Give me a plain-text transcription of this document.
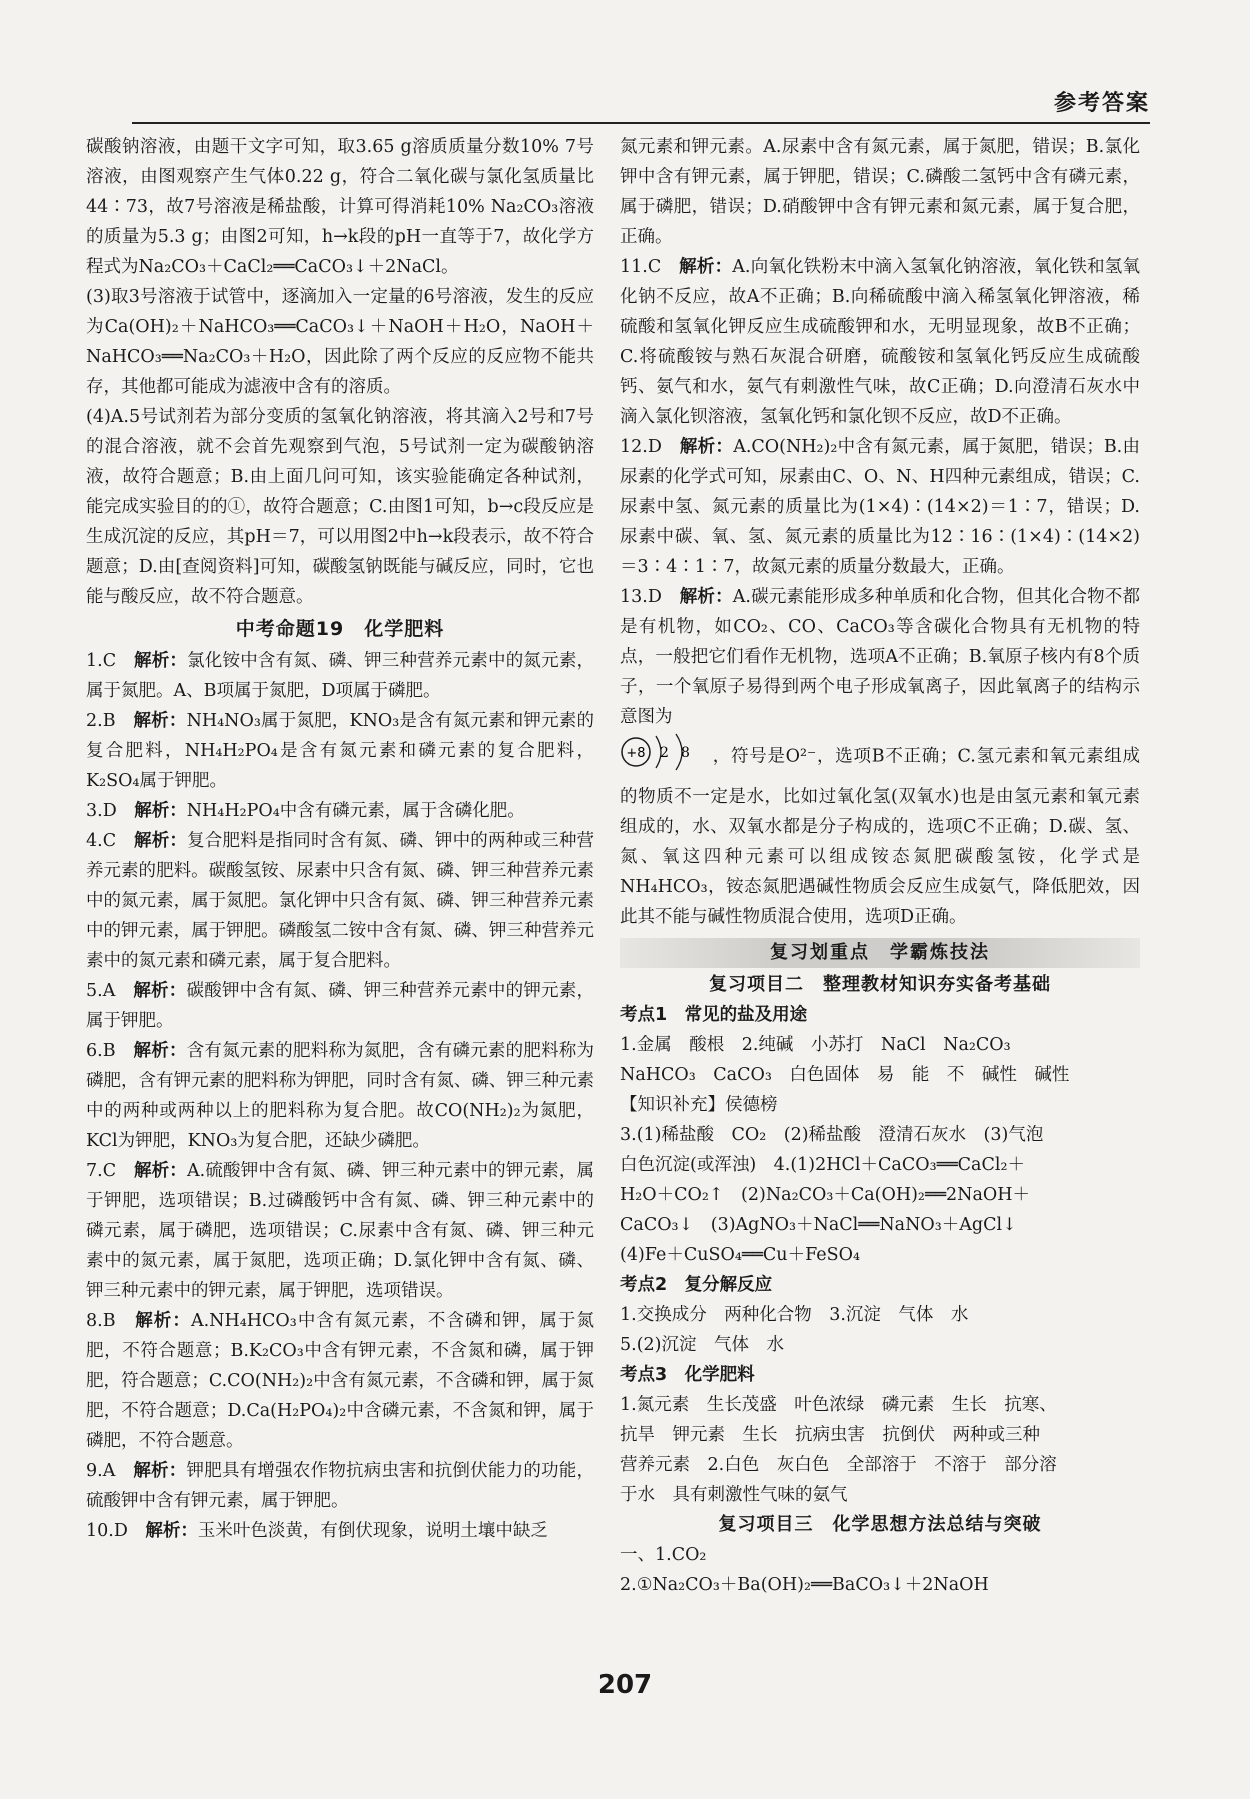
参考答案

碳酸钠溶液，由题干文字可知，取3.65 g溶质质量分数10% 7号溶液，由图观察产生气体0.22 g，符合二氧化碳与氯化氢质量比44∶73，故7号溶液是稀盐酸，计算可得消耗10% Na₂CO₃溶液的质量为5.3 g；由图2可知，h→k段的pH一直等于7，故化学方程式为Na₂CO₃＋CaCl₂══CaCO₃↓＋2NaCl。

(3)取3号溶液于试管中，逐滴加入一定量的6号溶液，发生的反应为Ca(OH)₂＋NaHCO₃══CaCO₃↓＋NaOH＋H₂O，NaOH＋NaHCO₃══Na₂CO₃＋H₂O，因此除了两个反应的反应物不能共存，其他都可能成为滤液中含有的溶质。

(4)A.5号试剂若为部分变质的氢氧化钠溶液，将其滴入2号和7号的混合溶液，就不会首先观察到气泡，5号试剂一定为碳酸钠溶液，故符合题意；B.由上面几问可知，该实验能确定各种试剂，能完成实验目的的①，故符合题意；C.由图1可知，b→c段反应是生成沉淀的反应，其pH＝7，可以用图2中h→k段表示，故不符合题意；D.由[查阅资料]可知，碳酸氢钠既能与碱反应，同时，它也能与酸反应，故不符合题意。

中考命题19　化学肥料

1.C　 解析：氯化铵中含有氮、磷、钾三种营养元素中的氮元素，属于氮肥。A、B项属于氮肥，D项属于磷肥。

2.B　 解析：NH₄NO₃属于氮肥，KNO₃是含有氮元素和钾元素的复合肥料，NH₄H₂PO₄是含有氮元素和磷元素的复合肥料，K₂SO₄属于钾肥。

3.D　 解析：NH₄H₂PO₄中含有磷元素，属于含磷化肥。

4.C　 解析：复合肥料是指同时含有氮、磷、钾中的两种或三种营养元素的肥料。碳酸氢铵、尿素中只含有氮、磷、钾三种营养元素中的氮元素，属于氮肥。氯化钾中只含有氮、磷、钾三种营养元素中的钾元素，属于钾肥。磷酸氢二铵中含有氮、磷、钾三种营养元素中的氮元素和磷元素，属于复合肥料。

5.A　 解析：碳酸钾中含有氮、磷、钾三种营养元素中的钾元素，属于钾肥。

6.B　 解析：含有氮元素的肥料称为氮肥，含有磷元素的肥料称为磷肥，含有钾元素的肥料称为钾肥，同时含有氮、磷、钾三种元素中的两种或两种以上的肥料称为复合肥。故CO(NH₂)₂为氮肥，KCl为钾肥，KNO₃为复合肥，还缺少磷肥。

7.C　 解析：A.硫酸钾中含有氮、磷、钾三种元素中的钾元素，属于钾肥，选项错误；B.过磷酸钙中含有氮、磷、钾三种元素中的磷元素，属于磷肥，选项错误；C.尿素中含有氮、磷、钾三种元素中的氮元素，属于氮肥，选项正确；D.氯化钾中含有氮、磷、钾三种元素中的钾元素，属于钾肥，选项错误。

8.B　 解析：A.NH₄HCO₃中含有氮元素，不含磷和钾，属于氮肥，不符合题意；B.K₂CO₃中含有钾元素，不含氮和磷，属于钾肥，符合题意；C.CO(NH₂)₂中含有氮元素，不含磷和钾，属于氮肥，不符合题意；D.Ca(H₂PO₄)₂中含磷元素，不含氮和钾，属于磷肥，不符合题意。

9.A　 解析：钾肥具有增强农作物抗病虫害和抗倒伏能力的功能，硫酸钾中含有钾元素，属于钾肥。

10.D　 解析：玉米叶色淡黄，有倒伏现象，说明土壤中缺乏

氮元素和钾元素。A.尿素中含有氮元素，属于氮肥，错误；B.氯化钾中含有钾元素，属于钾肥，错误；C.磷酸二氢钙中含有磷元素，属于磷肥，错误；D.硝酸钾中含有钾元素和氮元素，属于复合肥，正确。

11.C　 解析：A.向氧化铁粉末中滴入氢氧化钠溶液，氧化铁和氢氧化钠不反应，故A不正确；B.向稀硫酸中滴入稀氢氧化钾溶液，稀硫酸和氢氧化钾反应生成硫酸钾和水，无明显现象，故B不正确；C.将硫酸铵与熟石灰混合研磨，硫酸铵和氢氧化钙反应生成硫酸钙、氨气和水，氨气有刺激性气味，故C正确；D.向澄清石灰水中滴入氯化钡溶液，氢氧化钙和氯化钡不反应，故D不正确。

12.D　 解析：A.CO(NH₂)₂中含有氮元素，属于氮肥，错误；B.由尿素的化学式可知，尿素由C、O、N、H四种元素组成，错误；C.尿素中氢、氮元素的质量比为(1×4)∶(14×2)＝1∶7，错误；D.尿素中碳、氧、氢、氮元素的质量比为12∶16∶(1×4)∶(14×2)＝3∶4∶1∶7，故氮元素的质量分数最大，正确。

13.D　 解析：A.碳元素能形成多种单质和化合物，但其化合物不都是有机物，如CO₂、CO、CaCO₃等含碳化合物具有无机物的特点，一般把它们看作无机物，选项A不正确；B.氧原子核内有8个质子，一个氧原子易得到两个电子形成氧离子，因此氧离子的结构示意图为

+8 2 8 ，符号是O²⁻，选项B不正确；C.氢元素和氧元素组成的物质不一定是水，比如过氧化氢(双氧水)也是由氢元素和氧元素组成的，水、双氧水都是分子构成的，选项C不正确；D.碳、氢、氮、氧这四种元素可以组成铵态氮肥碳酸氢铵，化学式是NH₄HCO₃，铵态氮肥遇碱性物质会反应生成氨气，降低肥效，因此其不能与碱性物质混合使用，选项D正确。

复习划重点　学霸炼技法
复习项目二　整理教材知识夯实备考基础

考点1　常见的盐及用途

1.金属　酸根　2.纯碱　小苏打　NaCl　Na₂CO₃

NaHCO₃　CaCO₃　白色固体　易　能　不　碱性　碱性

【知识补充】侯德榜

3.(1)稀盐酸　CO₂　(2)稀盐酸　澄清石灰水　(3)气泡

白色沉淀(或浑浊)　4.(1)2HCl＋CaCO₃══CaCl₂＋

H₂O＋CO₂↑　(2)Na₂CO₃＋Ca(OH)₂══2NaOH＋

CaCO₃↓　(3)AgNO₃＋NaCl══NaNO₃＋AgCl↓

(4)Fe＋CuSO₄══Cu＋FeSO₄

考点2　复分解反应

1.交换成分　两种化合物　3.沉淀　气体　水

5.(2)沉淀　气体　水

考点3　化学肥料

1.氮元素　生长茂盛　叶色浓绿　磷元素　生长　抗寒、

抗旱　钾元素　生长　抗病虫害　抗倒伏　两种或三种

营养元素　2.白色　灰白色　全部溶于　不溶于　部分溶

于水　具有刺激性气味的氨气

复习项目三　化学思想方法总结与突破

一、1.CO₂

2.①Na₂CO₃＋Ba(OH)₂══BaCO₃↓＋2NaOH

207
